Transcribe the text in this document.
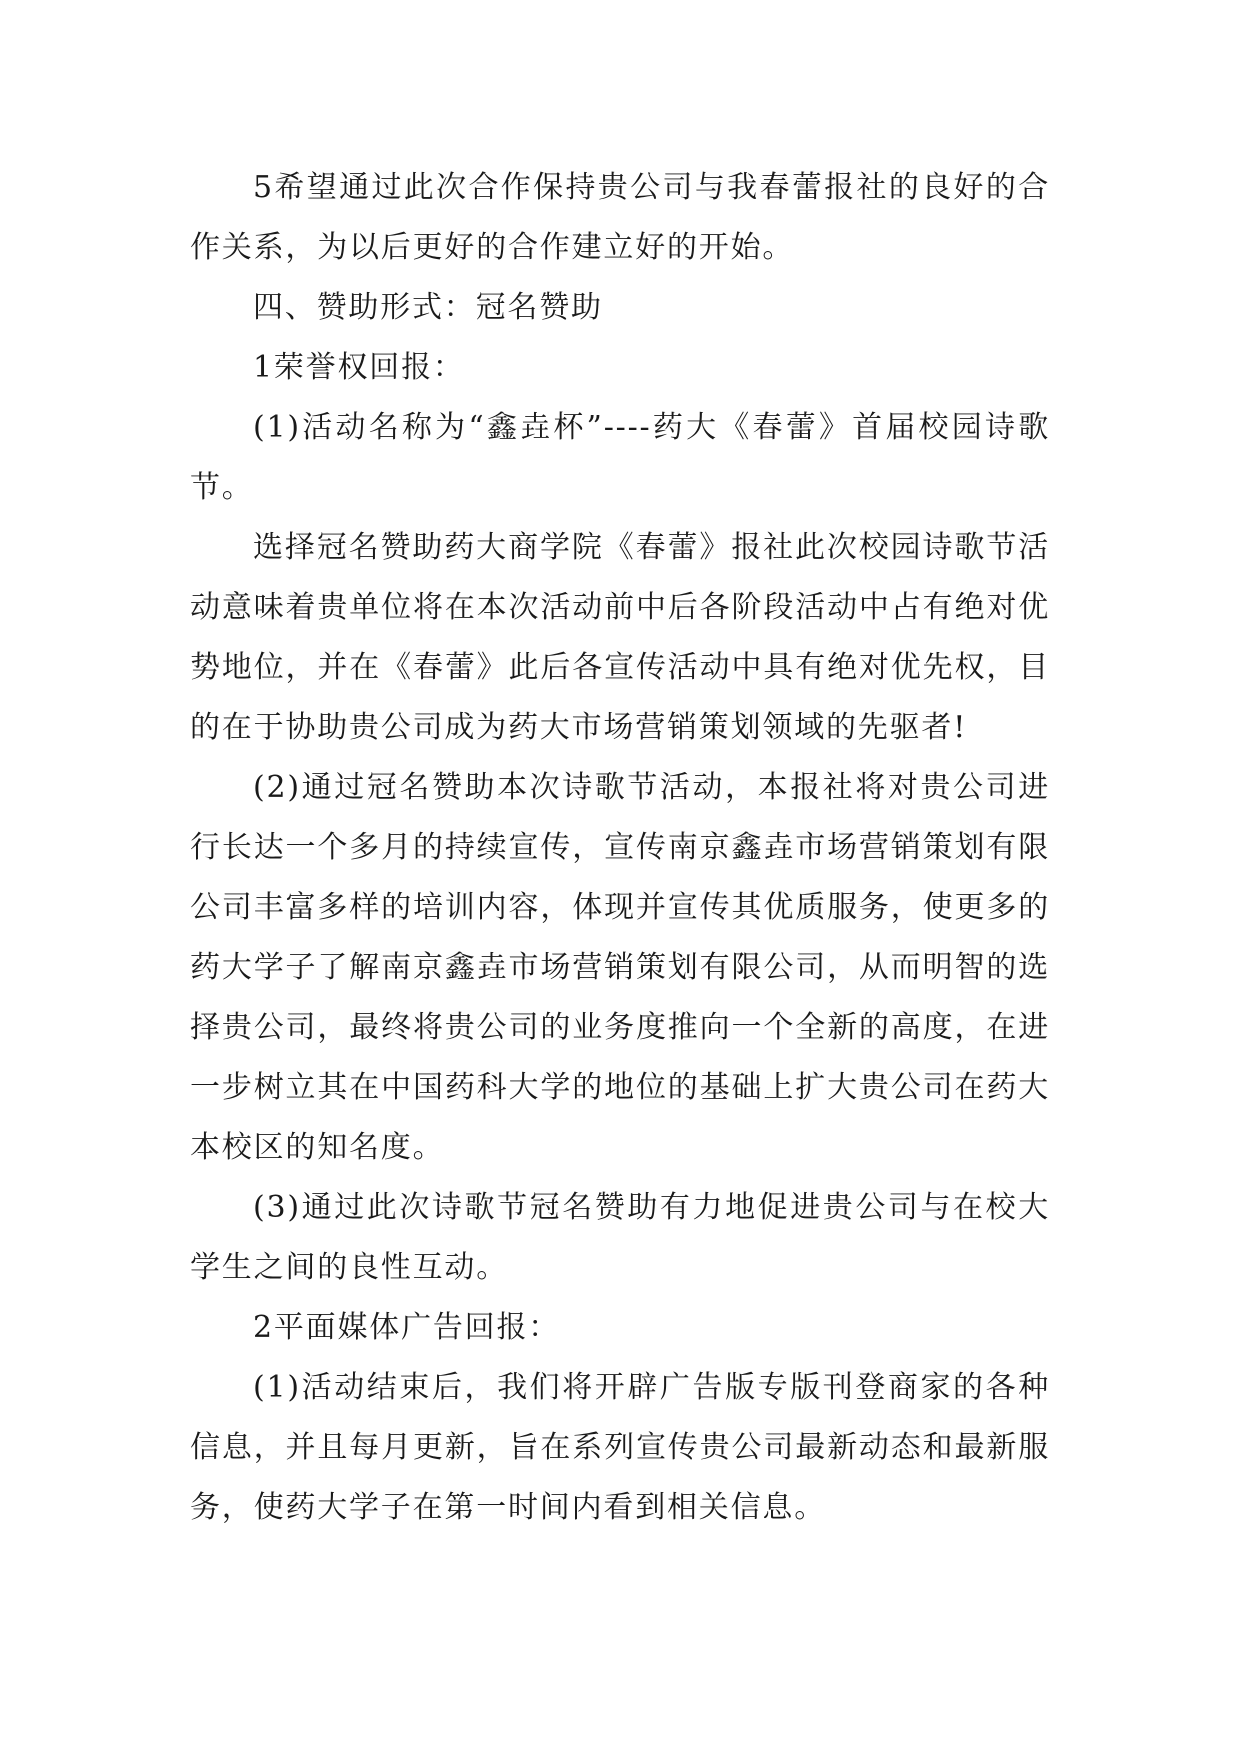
5希望通过此次合作保持贵公司与我春蕾报社的良好的合作关系，为以后更好的合作建立好的开始。

四、赞助形式：冠名赞助

1荣誉权回报：

(1)活动名称为“鑫垚杯”----药大《春蕾》首届校园诗歌节。

选择冠名赞助药大商学院《春蕾》报社此次校园诗歌节活动意味着贵单位将在本次活动前中后各阶段活动中占有绝对优势地位，并在《春蕾》此后各宣传活动中具有绝对优先权，目的在于协助贵公司成为药大市场营销策划领域的先驱者!

(2)通过冠名赞助本次诗歌节活动，本报社将对贵公司进行长达一个多月的持续宣传，宣传南京鑫垚市场营销策划有限公司丰富多样的培训内容，体现并宣传其优质服务，使更多的药大学子了解南京鑫垚市场营销策划有限公司，从而明智的选择贵公司，最终将贵公司的业务度推向一个全新的高度，在进一步树立其在中国药科大学的地位的基础上扩大贵公司在药大本校区的知名度。

(3)通过此次诗歌节冠名赞助有力地促进贵公司与在校大学生之间的良性互动。

2平面媒体广告回报：

(1)活动结束后，我们将开辟广告版专版刊登商家的各种信息，并且每月更新，旨在系列宣传贵公司最新动态和最新服务，使药大学子在第一时间内看到相关信息。
